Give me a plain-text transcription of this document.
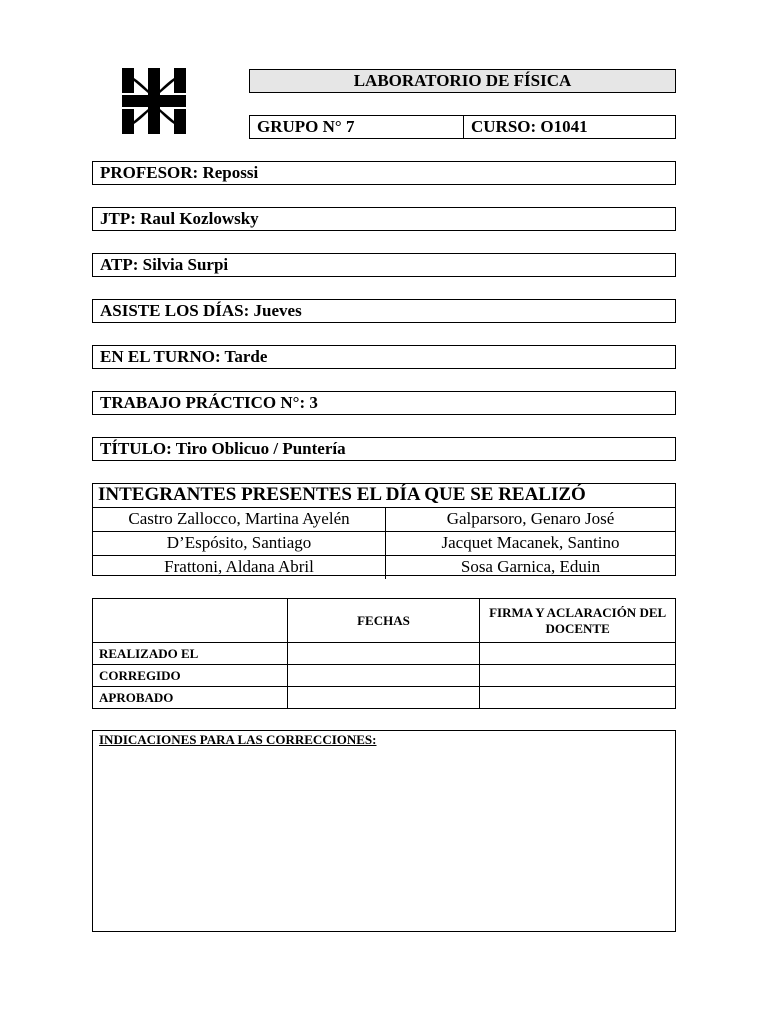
LABORATORIO DE FÍSICA
GRUPO N° 7	CURSO: O1041
PROFESOR: Repossi
JTP: Raul Kozlowsky
ATP: Silvia Surpi
ASISTE LOS DÍAS: Jueves
EN EL TURNO: Tarde
TRABAJO PRÁCTICO N°: 3
TÍTULO: Tiro Oblicuo / Puntería
INTEGRANTES PRESENTES EL DÍA QUE SE REALIZÓ
Castro Zallocco, Martina Ayelén	Galparsoro, Genaro José
D’Espósito, Santiago	Jacquet Macanek, Santino
Frattoni, Aldana Abril	Sosa Garnica, Eduin
	FECHAS	FIRMA Y ACLARACIÓN DEL DOCENTE
REALIZADO EL		
CORREGIDO		
APROBADO		
INDICACIONES PARA LAS CORRECCIONES:
